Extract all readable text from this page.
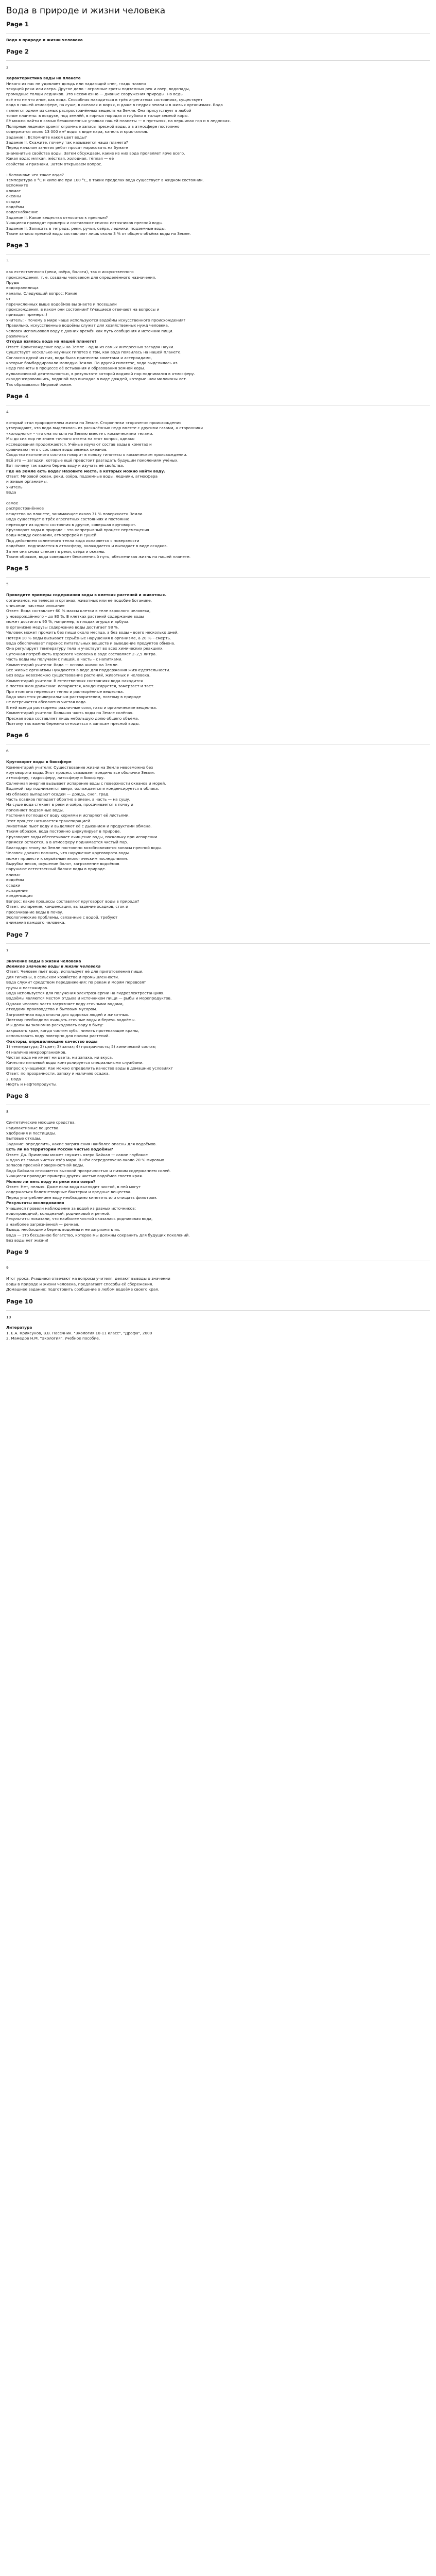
Вода в природе и жизни человека
Page 1
Вода в природе и жизни человека
Page 2
2
Характеристика воды на планете
Никого из нас не удивляет дождь или падающий снег, гладь плавно
текущей реки или озера. Другое дело – огромные гроты подземных рек и озер, водопады,
громадные толщи ледников. Это несомненно — дивные сооружения природы. Но ведь
всё это не что иное, как вода. Способная находиться в трёх агрегатных состояниях, существует
вода в нашей атмосфере, на суше, в океанах и морях, и даже в недрах земли и в живых организмах. Вода
является одним из самых распространённых веществ на Земле. Она присутствует в любой
точке планеты: в воздухе, под землёй, в горных породах и глубоко в толще земной коры.
Её можно найти в самых безжизненных уголках нашей планеты — в пустынях, на вершинах гор и в ледниках.
Полярные ледники хранят огромные запасы пресной воды, а в атмосфере постоянно
содержится около 13 000 км³ воды в виде пара, капель и кристаллов.
Задание I. Вспомните какой цвет воды?
Задание II. Скажите, почему так называется наша планета?
Перед началом занятия ребят просят нарисовать на бумаге
знаменитые свойства воды. Затем обсуждаем, какие из них вода проявляет ярче всего.
Какая вода: мягкая, жёсткая, холодная, тёплая — её
свойства и признаки. Затем открываем вопрос.
- Вспомним: что такое вода?
Температура 0 °C и кипение при 100 °C, в таких пределах вода существует в жидком состоянии.
Вспомните
климат
океаны
осадки
водоёмы
водоснабжение
Задание II. Какие вещества относятся к пресным?
Учащиеся приводят примеры и составляют список источников пресной воды.
Задание II. Записать в тетрадь: реки, ручьи, озёра, ледники, подземные воды.
Такие запасы пресной воды составляют лишь около 3 % от общего объёма воды на Земле.
Page 3
3
как естественного (реки, озёра, болота), так и искусственного
происхождения, т. е. созданы человеком для определённого назначения.
Пруды
водохранилища
каналы. Следующий вопрос: Какие
от
перечисленных выше водоёмов вы знаете и посещали
происхождения, в каком они состоянии? (Учащиеся отвечают на вопросы и
приводят примеры.)
Учитель: - Почему в мире чаще используются водоёмы искусственного происхождения?
Правильно, искусственные водоёмы служат для хозяйственных нужд человека.
человек использовал воду с давних времён как путь сообщения и источник пищи.
различных
Откуда взялась вода на нашей планете?
Ответ: Происхождение воды на Земле – одна из самых интересных загадок науки.
Существует несколько научных гипотез о том, как вода появилась на нашей планете.
Согласно одной из них, вода была принесена кометами и астероидами,
которые бомбардировали молодую Землю. По другой гипотезе, вода выделилась из
недр планеты в процессе её остывания и образования земной коры.
вулканической деятельностью, в результате которой водяной пар поднимался в атмосферу.
сконденсировавшись, водяной пар выпадал в виде дождей, которые шли миллионы лет.
Так образовался Мировой океан.
Page 4
4
который стал прародителем жизни на Земле. Сторонники «горячего» происхождения
утверждают, что вода выделялась из раскалённых недр вместе с другими газами, а сторонники
«холодного» – что она попала на Землю вместе с космическими телами.
Мы до сих пор не знаем точного ответа на этот вопрос, однако
исследования продолжаются. Учёные изучают состав воды в кометах и
сравнивают его с составом воды земных океанов.
Сходство изотопного состава говорит в пользу гипотезы о космическом происхождении.
Всё это — загадки, которые ещё предстоит разгадать будущим поколениям учёных.
Вот почему так важно беречь воду и изучать её свойства.
Где на Земле есть вода? Назовите места, в которых можно найти воду.
Ответ: Мировой океан, реки, озёра, подземные воды, ледники, атмосфера
и живые организмы.
Учитель
Вода
самое
распространённое
вещество на планете, занимающее около 71 % поверхности Земли.
Вода существует в трёх агрегатных состояниях и постоянно
переходит из одного состояния в другое, совершая круговорот.
Круговорот воды в природе – это непрерывный процесс перемещения
воды между океанами, атмосферой и сушей.
Под действием солнечного тепла вода испаряется с поверхности
водоёмов, поднимается в атмосферу, охлаждается и выпадает в виде осадков.
Затем она снова стекает в реки, озёра и океаны.
Таким образом, вода совершает бесконечный путь, обеспечивая жизнь на нашей планете.
Page 5
5
Приведите примеры содержания воды в клетках растений и животных.
организмов, на телесах и органах, животных или её подобие ботанике,
описании, частных описание
Ответ: Вода составляет 60 % массы клетки в теле взрослого человека,
у новорождённого – до 80 %. В клетках растений содержание воды
может достигать 95 %, например, в плодах огурца и арбуза.
В организме медузы содержание воды достигает 98 %.
Человек может прожить без пищи около месяца, а без воды – всего несколько дней.
Потеря 10 % воды вызывает серьёзные нарушения в организме, а 20 % – смерть.
Вода обеспечивает перенос питательных веществ и выведение продуктов обмена.
Она регулирует температуру тела и участвует во всех химических реакциях.
Суточная потребность взрослого человека в воде составляет 2–2,5 литра.
Часть воды мы получаем с пищей, а часть – с напитками.
Комментарий учителя: Вода — основа жизни на Земле.
Все живые организмы нуждаются в воде для поддержания жизнедеятельности.
Без воды невозможно существование растений, животных и человека.
Комментарий учителя: В естественных состояниях вода находится
в постоянном движении: испаряется, конденсируется, замерзает и тает.
При этом она переносит тепло и растворённые вещества.
Вода является универсальным растворителем, поэтому в природе
не встречается абсолютно чистая вода.
В ней всегда растворены различные соли, газы и органические вещества.
Комментарий учителя: Большая часть воды на Земле солёная.
Пресная вода составляет лишь небольшую долю общего объёма.
Поэтому так важно бережно относиться к запасам пресной воды.
Page 6
6
Круговорот воды в биосфере
Комментарий учителя: Существование жизни на Земле невозможно без
круговорота воды. Этот процесс связывает воедино все оболочки Земли:
атмосферу, гидросферу, литосферу и биосферу.
Солнечная энергия вызывает испарение воды с поверхности океанов и морей.
Водяной пар поднимается вверх, охлаждается и конденсируется в облака.
Из облаков выпадают осадки — дождь, снег, град.
Часть осадков попадает обратно в океан, а часть — на сушу.
На суше вода стекает в реки и озёра, просачивается в почву и
пополняет подземные воды.
Растения поглощают воду корнями и испаряют её листьями.
Этот процесс называется транспирацией.
Животные пьют воду и выделяют её с дыханием и продуктами обмена.
Таким образом, вода постоянно циркулирует в природе.
Круговорот воды обеспечивает очищение воды, поскольку при испарении
примеси остаются, а в атмосферу поднимается чистый пар.
Благодаря этому на Земле постоянно возобновляются запасы пресной воды.
Человек должен помнить, что нарушение круговорота воды
может привести к серьёзным экологическим последствиям.
Вырубка лесов, осушение болот, загрязнение водоёмов
нарушают естественный баланс воды в природе.
климат
водоёмы
осадки
испарение
конденсация
Вопрос: какие процессы составляют круговорот воды в природе?
Ответ: испарение, конденсация, выпадение осадков, сток и
просачивание воды в почву.
Экологические проблемы, связанные с водой, требуют
внимания каждого человека.
Page 7
7
Значение воды в жизни человека
Великое значение воды в жизни человека
Ответ: Человек пьёт воду, использует её для приготовления пищи,
для гигиены, в сельском хозяйстве и промышленности.
Вода служит средством передвижения: по рекам и морям перевозят
грузы и пассажиров.
Вода используется для получения электроэнергии на гидроэлектростанциях.
Водоёмы являются местом отдыха и источником пищи — рыбы и морепродуктов.
Однако человек часто загрязняет воду сточными водами,
отходами производства и бытовым мусором.
Загрязнённая вода опасна для здоровья людей и животных.
Поэтому необходимо очищать сточные воды и беречь водоёмы.
Мы должны экономно расходовать воду в быту:
закрывать кран, когда чистим зубы, чинить протекающие краны,
использовать воду повторно для полива растений.
Факторы, определяющие качество воды
1) температура; 2) цвет; 3) запах; 4) прозрачность; 5) химический состав;
6) наличие микроорганизмов.
Чистая вода не имеет ни цвета, ни запаха, ни вкуса.
Качество питьевой воды контролируется специальными службами.
Вопрос к учащимся: Как можно определить качество воды в домашних условиях?
Ответ: по прозрачности, запаху и наличию осадка.
2. Вода
Нефть и нефтепродукты.
Page 8
8
Синтетические моющие средства.
Радиоактивные вещества.
Удобрения и пестициды.
Бытовые отходы.
Задание: определить, какие загрязнения наиболее опасны для водоёмов.
Есть ли на территории России чистые водоёмы?
Ответ: Да. Примером может служить озеро Байкал — самое глубокое
и одно из самых чистых озёр мира. В нём сосредоточено около 20 % мировых
запасов пресной поверхностной воды.
Вода Байкала отличается высокой прозрачностью и низким содержанием солей.
Учащиеся приводят примеры других чистых водоёмов своего края.
Можно ли пить воду из реки или озера?
Ответ: Нет, нельзя. Даже если вода выглядит чистой, в ней могут
содержаться болезнетворные бактерии и вредные вещества.
Перед употреблением воду необходимо кипятить или очищать фильтром.
Результаты исследования
Учащиеся провели наблюдение за водой из разных источников:
водопроводной, колодезной, родниковой и речной.
Результаты показали, что наиболее чистой оказалась родниковая вода,
а наиболее загрязнённой — речная.
Вывод: необходимо беречь водоёмы и не загрязнять их.
Вода — это бесценное богатство, которое мы должны сохранить для будущих поколений.
Без воды нет жизни!
Page 9
9
Итог урока. Учащиеся отвечают на вопросы учителя, делают выводы о значении
воды в природе и жизни человека, предлагают способы её сбережения.
Домашнее задание: подготовить сообщение о любом водоёме своего края.
Page 10
10
Литература
1. Е.А. Криксунов, В.В. Пасечник. "Экология 10-11 класс", "Дрофа", 2000
2. Мамедов Н.М. "Экология". Учебное пособие.
